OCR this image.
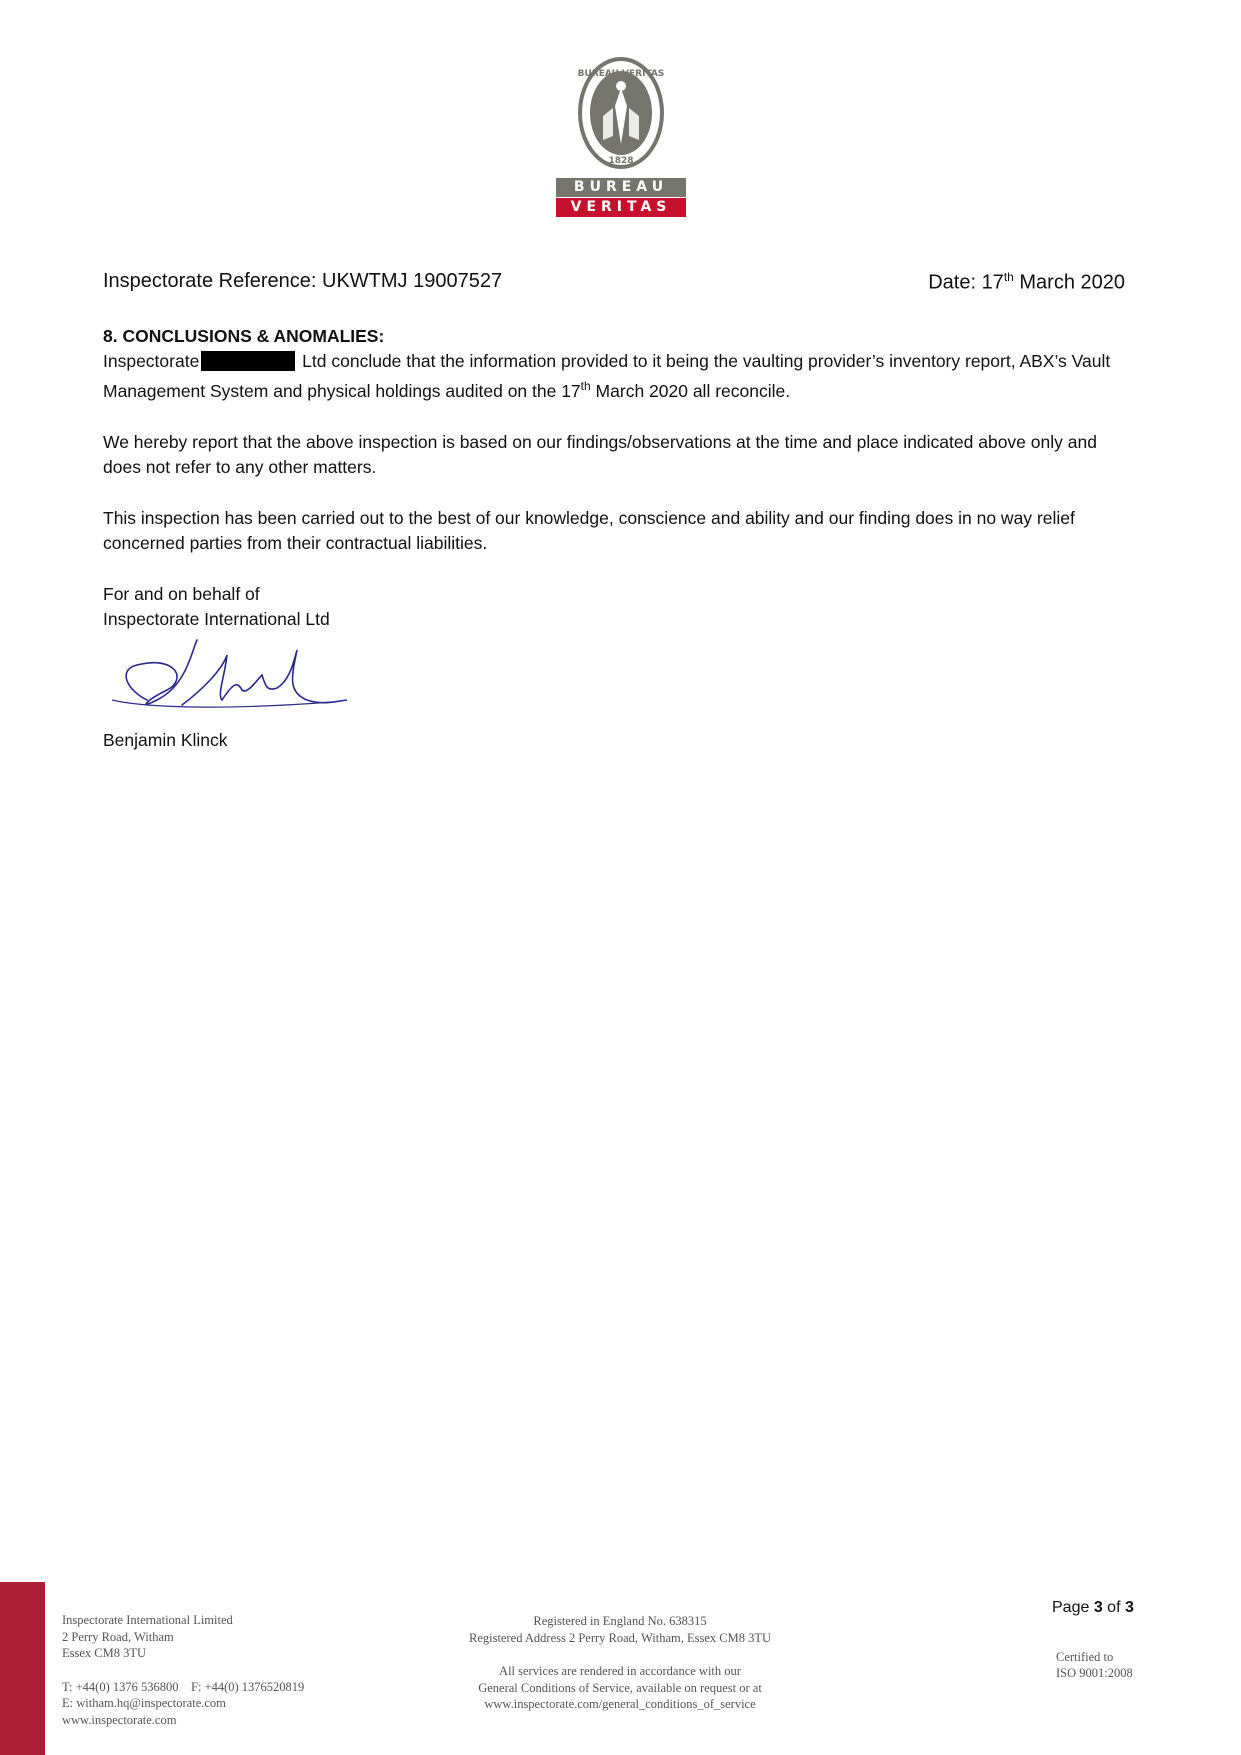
BUREAU VERITAS
1828
BUREAU
VERITAS
Inspectorate Reference: UKWTMJ 19007527	Date: 17th March 2020
8. CONCLUSIONS & ANOMALIES:

Inspectorate	Ltd conclude that the information provided to it being the vaulting provider’s inventory report, ABX’s Vault Management System and physical holdings audited on the 17th March 2020 all reconcile.

We hereby report that the above inspection is based on our findings/observations at the time and place indicated above only and does not refer to any other matters.

This inspection has been carried out to the best of our knowledge, conscience and ability and our finding does in no way relief concerned parties from their contractual liabilities.

For and on behalf of
Inspectorate International Ltd
Benjamin Klinck
Inspectorate International Limited
2 Perry Road, Witham
Essex CM8 3TU
T: +44(0) 1376 536800    F: +44(0) 1376520819
E: witham.hq@inspectorate.com
www.inspectorate.com
Registered in England No. 638315
Registered Address 2 Perry Road, Witham, Essex CM8 3TU
All services are rendered in accordance with our
General Conditions of Service, available on request or at
www.inspectorate.com/general_conditions_of_service
Page 3 of 3
Certified to
ISO 9001:2008
